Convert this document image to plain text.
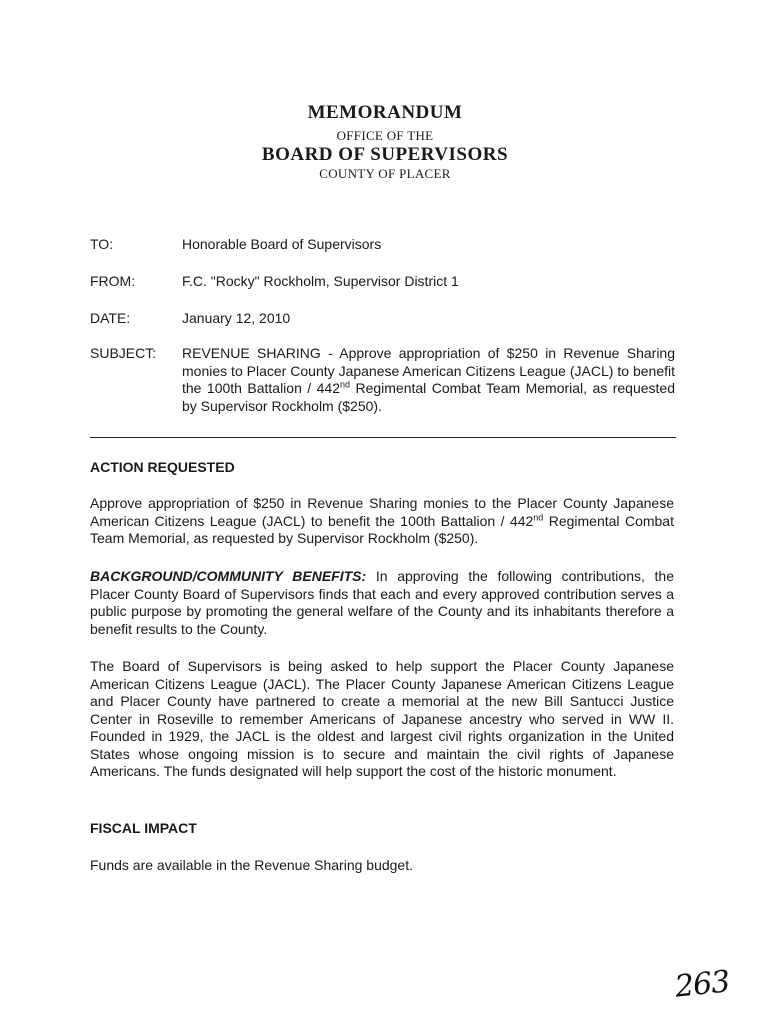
MEMORANDUM
OFFICE OF THE
BOARD OF SUPERVISORS
COUNTY OF PLACER
TO:	Honorable Board of Supervisors
FROM:	F.C. "Rocky" Rockholm, Supervisor District 1
DATE:	January 12, 2010
SUBJECT: REVENUE SHARING - Approve appropriation of $250 in Revenue Sharing monies to Placer County Japanese American Citizens League (JACL) to benefit the 100th Battalion / 442nd Regimental Combat Team Memorial, as requested by Supervisor Rockholm ($250).
ACTION REQUESTED
Approve appropriation of $250 in Revenue Sharing monies to the Placer County Japanese American Citizens League (JACL) to benefit the 100th Battalion / 442nd Regimental Combat Team Memorial, as requested by Supervisor Rockholm ($250).
BACKGROUND/COMMUNITY BENEFITS: In approving the following contributions, the Placer County Board of Supervisors finds that each and every approved contribution serves a public purpose by promoting the general welfare of the County and its inhabitants therefore a benefit results to the County.
The Board of Supervisors is being asked to help support the Placer County Japanese American Citizens League (JACL). The Placer County Japanese American Citizens League and Placer County have partnered to create a memorial at the new Bill Santucci Justice Center in Roseville to remember Americans of Japanese ancestry who served in WW II. Founded in 1929, the JACL is the oldest and largest civil rights organization in the United States whose ongoing mission is to secure and maintain the civil rights of Japanese Americans. The funds designated will help support the cost of the historic monument.
FISCAL IMPACT
Funds are available in the Revenue Sharing budget.
263
